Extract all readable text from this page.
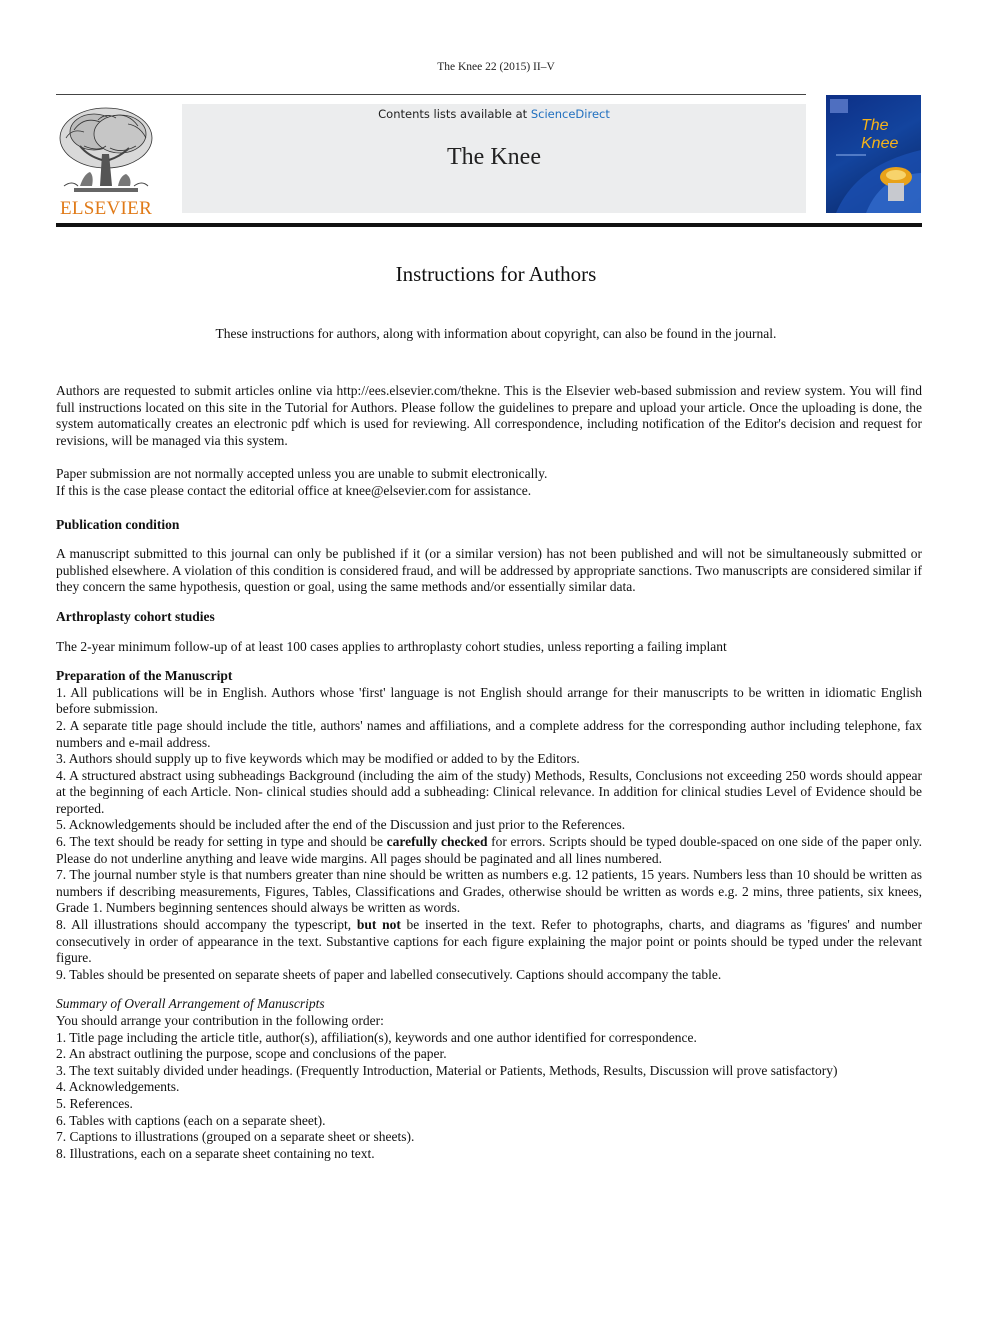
The Knee 22 (2015) II–V
ELSEVIER
Contents lists available at ScienceDirect
The Knee
The Knee
Instructions for Authors
These instructions for authors, along with information about copyright, can also be found in the journal.

Authors are requested to submit articles online via http://ees.elsevier.com/thekne. This is the Elsevier web-based submission and review system. You will find full instructions located on this site in the Tutorial for Authors. Please follow the guidelines to prepare and upload your article. Once the uploading is done, the system automatically creates an electronic pdf which is used for reviewing. All correspondence, including notification of the Editor's decision and request for revisions, will be managed via this system.

Paper submission are not normally accepted unless you are unable to submit electronically.

If this is the case please contact the editorial office at knee@elsevier.com for assistance.

Publication condition

A manuscript submitted to this journal can only be published if it (or a similar version) has not been published and will not be simultaneously submitted or published elsewhere. A violation of this condition is considered fraud, and will be addressed by appropriate sanctions. Two manuscripts are considered similar if they concern the same hypothesis, question or goal, using the same methods and/or essentially similar data.

Arthroplasty cohort studies

The 2-year minimum follow-up of at least 100 cases applies to arthroplasty cohort studies, unless reporting a failing implant

Preparation of the Manuscript

1. All publications will be in English. Authors whose 'first' language is not English should arrange for their manuscripts to be written in idiomatic English before submission.

2. A separate title page should include the title, authors' names and affiliations, and a complete address for the corresponding author including telephone, fax numbers and e-mail address.

3. Authors should supply up to five keywords which may be modified or added to by the Editors.

4. A structured abstract using subheadings Background (including the aim of the study) Methods, Results, Conclusions not exceeding 250 words should appear at the beginning of each Article. Non- clinical studies should add a subheading: Clinical relevance. In addition for clinical studies Level of Evidence should be reported.

5. Acknowledgements should be included after the end of the Discussion and just prior to the References.

6. The text should be ready for setting in type and should be carefully checked for errors. Scripts should be typed double-spaced on one side of the paper only. Please do not underline anything and leave wide margins. All pages should be paginated and all lines numbered.

7. The journal number style is that numbers greater than nine should be written as numbers e.g. 12 patients, 15 years. Numbers less than 10 should be written as numbers if describing measurements, Figures, Tables, Classifications and Grades, otherwise should be written as words e.g. 2 mins, three patients, six knees, Grade 1. Numbers beginning sentences should always be written as words.

8. All illustrations should accompany the typescript, but not be inserted in the text. Refer to photographs, charts, and diagrams as 'figures' and number consecutively in order of appearance in the text. Substantive captions for each figure explaining the major point or points should be typed under the relevant figure.

9. Tables should be presented on separate sheets of paper and labelled consecutively. Captions should accompany the table.

Summary of Overall Arrangement of Manuscripts

You should arrange your contribution in the following order:

1. Title page including the article title, author(s), affiliation(s), keywords and one author identified for correspondence.

2. An abstract outlining the purpose, scope and conclusions of the paper.

3. The text suitably divided under headings. (Frequently Introduction, Material or Patients, Methods, Results, Discussion will prove satisfactory)

4. Acknowledgements.

5. References.

6. Tables with captions (each on a separate sheet).

7. Captions to illustrations (grouped on a separate sheet or sheets).

8. Illustrations, each on a separate sheet containing no text.
